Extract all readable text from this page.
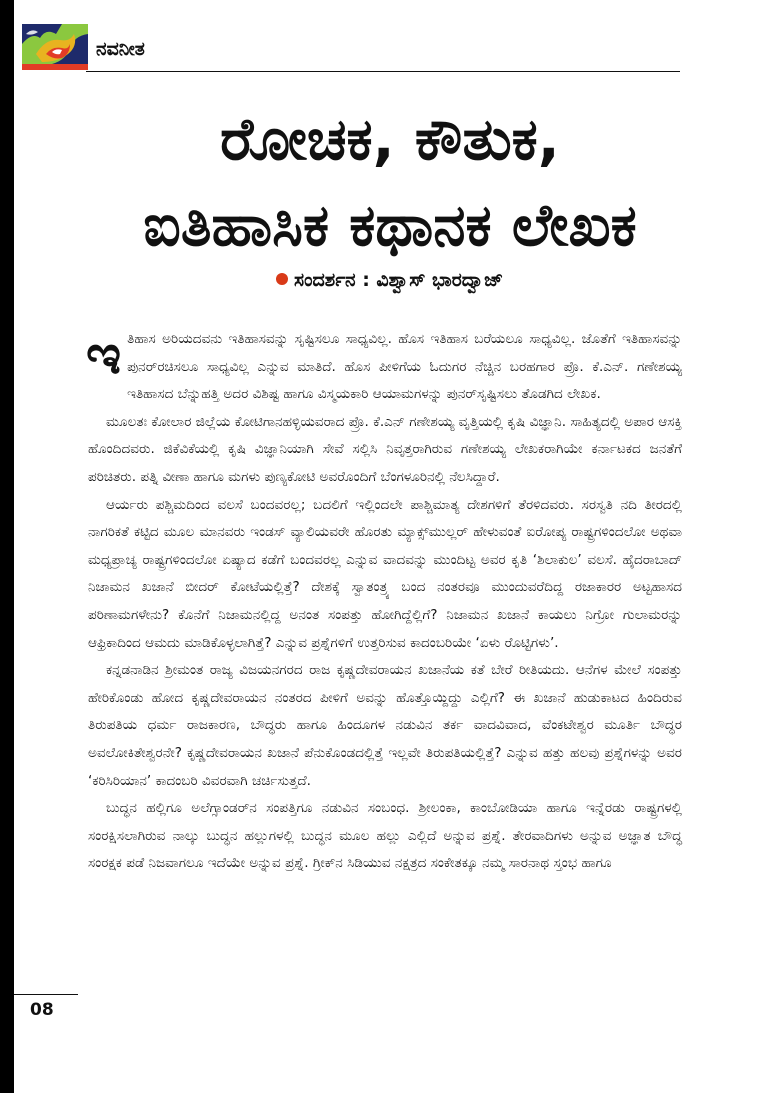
ನವನೀತ
ರೋಚಕ, ಕೌತುಕ,
ಐತಿಹಾಸಿಕ ಕಥಾನಕ ಲೇಖಕ
ಸಂದರ್ಶನ : ವಿಶ್ವಾಸ್ ಭಾರದ್ವಾಜ್

ಇತಿಹಾಸ ಅರಿಯದವನು ಇತಿಹಾಸವನ್ನು ಸೃಷ್ಟಿಸಲೂ ಸಾಧ್ಯವಿಲ್ಲ. ಹೊಸ ಇತಿಹಾಸ ಬರೆಯಲೂ ಸಾಧ್ಯವಿಲ್ಲ. ಜೊತೆಗೆ ಇತಿಹಾಸವನ್ನು ಪುನರ್‌ರಚಿಸಲೂ ಸಾಧ್ಯವಿಲ್ಲ ಎನ್ನುವ ಮಾತಿದೆ. ಹೊಸ ಪೀಳಿಗೆಯ ಓದುಗರ ನೆಚ್ಚಿನ ಬರಹಗಾರ ಪ್ರೊ. ಕೆ.ಎನ್. ಗಣೇಶಯ್ಯ ಇತಿಹಾಸದ ಬೆನ್ನುಹತ್ತಿ ಅದರ ವಿಶಿಷ್ಟ ಹಾಗೂ ವಿಸ್ಮಯಕಾರಿ ಆಯಾಮಗಳನ್ನು ಪುನರ್‌ಸೃಷ್ಟಿಸಲು ತೊಡಗಿದ ಲೇಖಕ.

ಮೂಲತಃ ಕೋಲಾರ ಜಿಲ್ಲೆಯ ಕೋಟಿಗಾನಹಳ್ಳಿಯವರಾದ ಪ್ರೊ. ಕೆ.ಎನ್ ಗಣೇಶಯ್ಯ ವೃತ್ತಿಯಲ್ಲಿ ಕೃಷಿ ವಿಜ್ಞಾನಿ. ಸಾಹಿತ್ಯದಲ್ಲಿ ಅಪಾರ ಆಸಕ್ತಿ ಹೊಂದಿದವರು. ಜಿಕೆವಿಕೆಯಲ್ಲಿ ಕೃಷಿ ವಿಜ್ಞಾನಿಯಾಗಿ ಸೇವೆ ಸಲ್ಲಿಸಿ ನಿವೃತ್ತರಾಗಿರುವ ಗಣೇಶಯ್ಯ ಲೇಖಕರಾಗಿಯೇ ಕರ್ನಾಟಕದ ಜನತೆಗೆ ಪರಿಚಿತರು. ಪತ್ನಿ ವೀಣಾ ಹಾಗೂ ಮಗಳು ಪುಣ್ಯಕೋಟಿ ಅವರೊಂದಿಗೆ ಬೆಂಗಳೂರಿನಲ್ಲಿ ನೆಲಸಿದ್ದಾರೆ.

ಆರ್ಯರು ಪಶ್ಚಿಮದಿಂದ ವಲಸೆ ಬಂದವರಲ್ಲ; ಬದಲಿಗೆ ಇಲ್ಲಿಂದಲೇ ಪಾಶ್ಚಿಮಾತ್ಯ ದೇಶಗಳಿಗೆ ತೆರಳಿದವರು. ಸರಸ್ವತಿ ನದಿ ತೀರದಲ್ಲಿ ನಾಗರಿಕತೆ ಕಟ್ಟಿದ ಮೂಲ ಮಾನವರು ಇಂಡಸ್ ವ್ಯಾಲಿಯವರೇ ಹೊರತು ಮ್ಯಾಕ್ಸ್‌ಮುಲ್ಲರ್ ಹೇಳುವಂತೆ ಐರೋಪ್ಯ ರಾಷ್ಟ್ರಗಳಿಂದಲೋ ಅಥವಾ ಮಧ್ಯಪ್ರಾಚ್ಯ ರಾಷ್ಟ್ರಗಳಿಂದಲೋ ಏಷ್ಯಾದ ಕಡೆಗೆ ಬಂದವರಲ್ಲ ಎನ್ನುವ ವಾದವನ್ನು ಮುಂದಿಟ್ಟ ಅವರ ಕೃತಿ ‘ಶಿಲಾಕುಲ’ ವಲಸೆ. ಹೈದರಾಬಾದ್ ನಿಜಾಮನ ಖಜಾನೆ ಬೀದರ್ ಕೋಟೆಯಲ್ಲಿತ್ತೆ? ದೇಶಕ್ಕೆ ಸ್ವಾತಂತ್ರ್ಯ ಬಂದ ನಂತರವೂ ಮುಂದುವರೆದಿದ್ದ ರಜಾಕಾರರ ಅಟ್ಟಹಾಸದ ಪರಿಣಾಮಗಳೇನು? ಕೊನೆಗೆ ನಿಜಾಮನಲ್ಲಿದ್ದ ಅನಂತ ಸಂಪತ್ತು ಹೋಗಿದ್ದೆಲ್ಲಿಗೆ? ನಿಜಾಮನ ಖಜಾನೆ ಕಾಯಲು ನಿಗ್ರೋ ಗುಲಾಮರನ್ನು ಆಫ್ರಿಕಾದಿಂದ ಆಮದು ಮಾಡಿಕೊಳ್ಳಲಾಗಿತ್ತೆ? ಎನ್ನುವ ಪ್ರಶ್ನೆಗಳಿಗೆ ಉತ್ತರಿಸುವ ಕಾದಂಬರಿಯೇ ‘ಏಳು ರೊಟ್ಟಿಗಳು’.

ಕನ್ನಡನಾಡಿನ ಶ್ರೀಮಂತ ರಾಜ್ಯ ವಿಜಯನಗರದ ರಾಜ ಕೃಷ್ಣದೇವರಾಯನ ಖಜಾನೆಯ ಕತೆ ಬೇರೆ ರೀತಿಯದು. ಆನೆಗಳ ಮೇಲೆ ಸಂಪತ್ತು ಹೇರಿಕೊಂಡು ಹೋದ ಕೃಷ್ಣದೇವರಾಯನ ನಂತರದ ಪೀಳಿಗೆ ಅವನ್ನು ಹೊತ್ತೊಯ್ದಿದ್ದು ಎಲ್ಲಿಗೆ? ಈ ಖಜಾನೆ ಹುಡುಕಾಟದ ಹಿಂದಿರುವ ತಿರುಪತಿಯ ಧರ್ಮ ರಾಜಕಾರಣ, ಬೌದ್ಧರು ಹಾಗೂ ಹಿಂದೂಗಳ ನಡುವಿನ ತರ್ಕ ವಾದವಿವಾದ, ವೆಂಕಟೇಶ್ವರ ಮೂರ್ತಿ ಬೌದ್ಧರ ಅವಲೋಕಿತೇಶ್ವರನೇ? ಕೃಷ್ಣದೇವರಾಯನ ಖಜಾನೆ ಪೆನುಕೊಂಡದಲ್ಲಿತ್ತೆ ಇಲ್ಲವೇ ತಿರುಪತಿಯಲ್ಲಿತ್ತೆ? ಎನ್ನುವ ಹತ್ತು ಹಲವು ಪ್ರಶ್ನೆಗಳನ್ನು ಅವರ ‘ಕರಿಸಿರಿಯಾನ’ ಕಾದಂಬರಿ ವಿವರವಾಗಿ ಚರ್ಚಿಸುತ್ತದೆ.

ಬುದ್ಧನ ಹಲ್ಲಿಗೂ ಅಲೆಗ್ಸಾಂಡರ್‌ನ ಸಂಪತ್ತಿಗೂ ನಡುವಿನ ಸಂಬಂಧ. ಶ್ರೀಲಂಕಾ, ಕಾಂಬೋಡಿಯಾ ಹಾಗೂ ಇನ್ನೆರಡು ರಾಷ್ಟ್ರಗಳಲ್ಲಿ ಸಂರಕ್ಷಿಸಲಾಗಿರುವ ನಾಲ್ಕು ಬುದ್ಧನ ಹಲ್ಲುಗಳಲ್ಲಿ ಬುದ್ಧನ ಮೂಲ ಹಲ್ಲು ಎಲ್ಲಿದೆ ಅನ್ನುವ ಪ್ರಶ್ನೆ. ತೇರವಾದಿಗಳು ಅನ್ನುವ ಅಜ್ಞಾತ ಬೌದ್ಧ ಸಂರಕ್ಷಕ ಪಡೆ ನಿಜವಾಗಲೂ ಇದೆಯೇ ಅನ್ನುವ ಪ್ರಶ್ನೆ. ಗ್ರೀಕ್‌ನ ಸಿಡಿಯುವ ನಕ್ಷತ್ರದ ಸಂಕೇತಕ್ಕೂ ನಮ್ಮ ಸಾರನಾಥ ಸ್ತಂಭ ಹಾಗೂ

08
